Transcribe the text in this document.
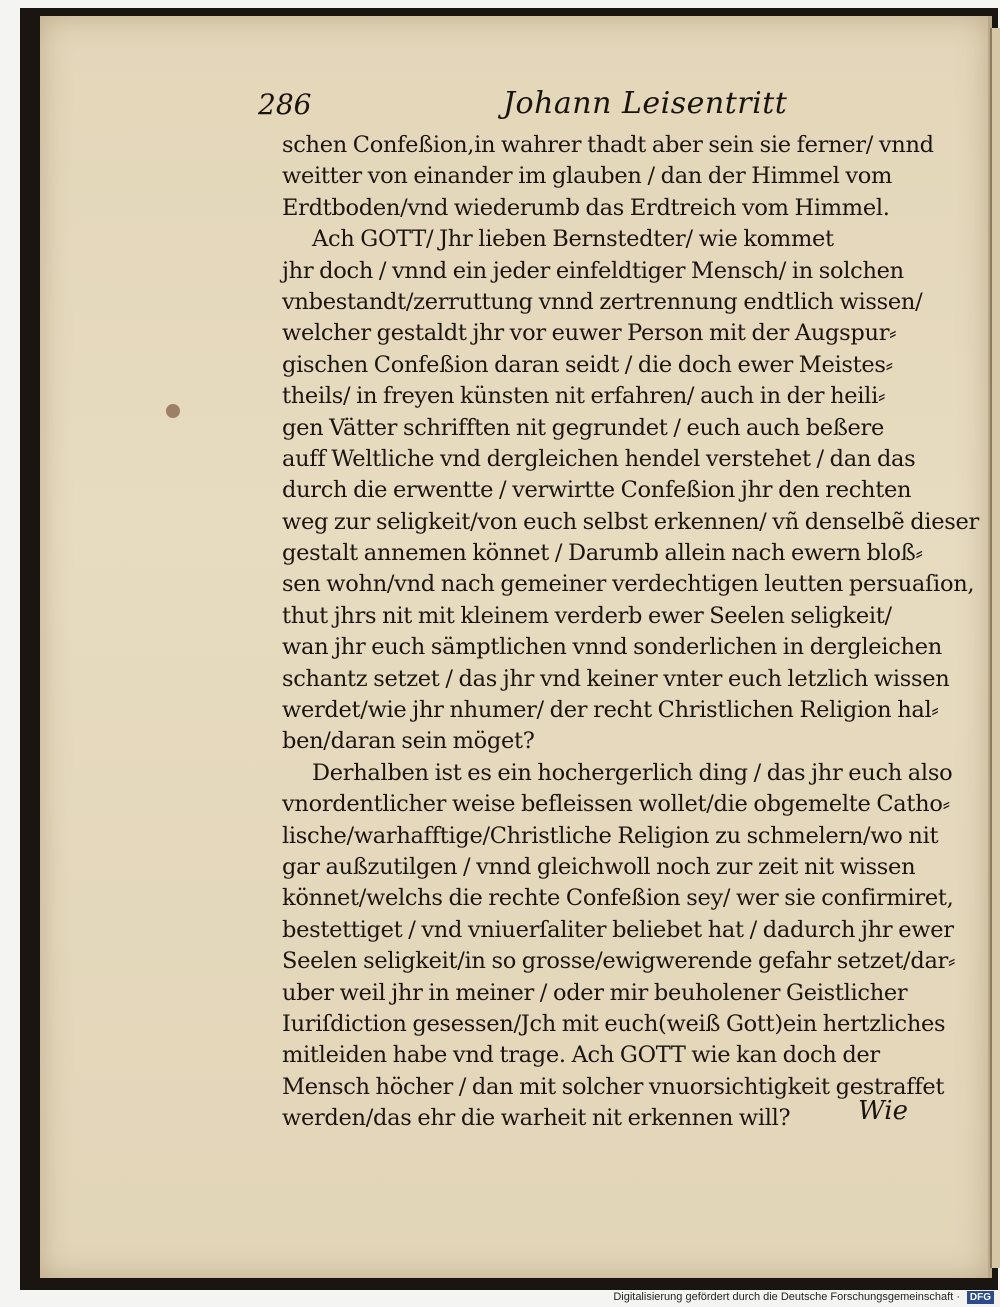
286	Johann Leisentritt
schen Confeßion,in wahrer thadt aber sein sie ferner/ vnnd
weitter von einander im glauben / dan der Himmel vom
Erdtboden/vnd wiederumb das Erdtreich vom Himmel.
Ach GOTT/ Jhr lieben Bernstedter/ wie kommet
jhr doch / vnnd ein jeder einfeldtiger Mensch/ in solchen
vnbestandt/zerruttung vnnd zertrennung endtlich wissen/
welcher gestaldt jhr vor euwer Person mit der Augspur⸗
gischen Confeßion daran seidt / die doch ewer Meistes⸗
theils/ in freyen künsten nit erfahren/ auch in der heili⸗
gen Vätter schrifften nit gegrundet / euch auch beßere
auff Weltliche vnd dergleichen hendel verstehet / dan das
durch die erwentte / verwirtte Confeßion jhr den rechten
weg zur seligkeit/von euch selbst erkennen/ vñ denselbẽ dieser
gestalt annemen könnet / Darumb allein nach ewern bloß⸗
sen wohn/vnd nach gemeiner verdechtigen leutten persuaſion,
thut jhrs nit mit kleinem verderb ewer Seelen seligkeit/
wan jhr euch sämptlichen vnnd sonderlichen in dergleichen
schantz setzet / das jhr vnd keiner vnter euch letzlich wissen
werdet/wie jhr nhumer/ der recht Christlichen Religion hal⸗
ben/daran sein möget?
Derhalben ist es ein hochergerlich ding / das jhr euch also
vnordentlicher weise befleissen wollet/die obgemelte Catho⸗
lische/warhafftige/Christliche Religion zu schmelern/wo nit
gar außzutilgen / vnnd gleichwoll noch zur zeit nit wissen
könnet/welchs die rechte Confeßion sey/ wer sie confirmiret,
bestettiget / vnd vniuerſaliter beliebet hat / dadurch jhr ewer
Seelen seligkeit/in so grosse/ewigwerende gefahr setzet/dar⸗
uber weil jhr in meiner / oder mir beuholener Geistlicher
Iuriſdiction gesessen/Jch mit euch(weiß Gott)ein hertzliches
mitleiden habe vnd trage. Ach GOTT wie kan doch der
Mensch höcher / dan mit solcher vnuorsichtigkeit gestraffet
werden/das ehr die warheit nit erkennen will?	Wie
Digitalisierung gefördert durch die Deutsche Forschungsgemeinschaft · DFG
